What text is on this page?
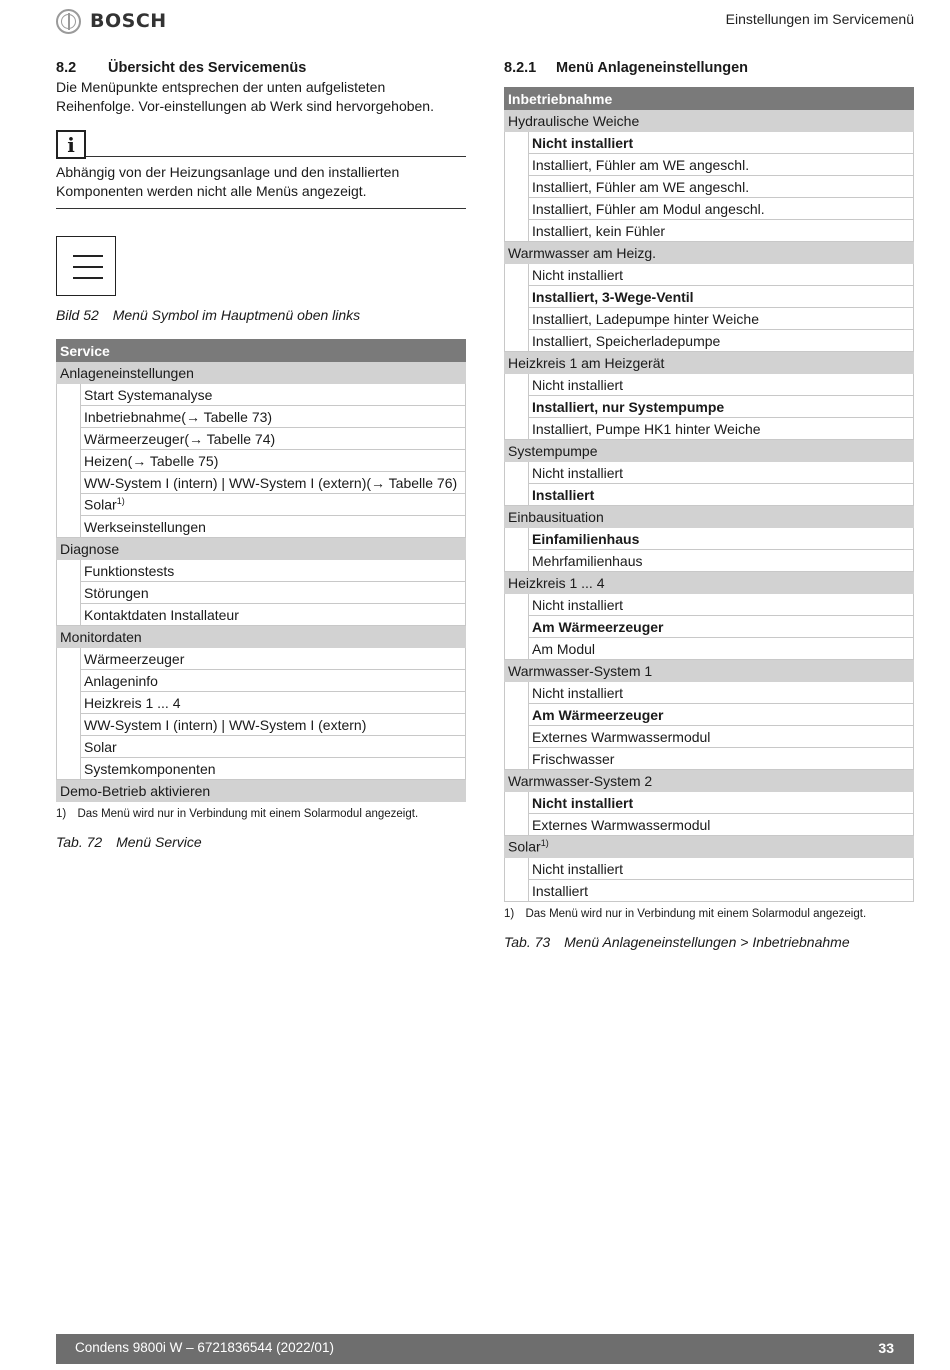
BOSCH	Einstellungen im Servicemenü
8.2	Übersicht des Servicemenüs

Die Menüpunkte entsprechen der unten aufgelisteten Reihenfolge. Vor-einstellungen ab Werk sind hervorgehoben.

i

Abhängig von der Heizungsanlage und den installierten Komponenten werden nicht alle Menüs angezeigt.

Bild 52 Menü Symbol im Hauptmenü oben links
Service	
Anlageneinstellungen	
	Start Systemanalyse
	Inbetriebnahme(→ Tabelle 73)
	Wärmeerzeuger(→ Tabelle 74)
	Heizen(→ Tabelle 75)
	WW-System I (intern) | WW-System I (extern)(→ Tabelle 76)
	Solar$^{1)}$
	Werkseinstellungen
Diagnose	
	Funktionstests
	Störungen
	Kontaktdaten Installateur
Monitordaten	
	Wärmeerzeuger
	Anlageninfo
	Heizkreis 1 ... 4
	WW-System I (intern) | WW-System I (extern)
	Solar
	Systemkomponenten
Demo-Betrieb aktivieren	
1) Das Menü wird nur in Verbindung mit einem Solarmodul angezeigt.
Tab. 72 Menü Service
8.2.1	Menü Anlageneinstellungen
Inbetriebnahme	
Hydraulische Weiche	
	Nicht installiert
	Installiert, Fühler am WE angeschl.
	Installiert, Fühler am WE angeschl.
	Installiert, Fühler am Modul angeschl.
	Installiert, kein Fühler
Warmwasser am Heizg.	
	Nicht installiert
	Installiert, 3-Wege-Ventil
	Installiert, Ladepumpe hinter Weiche
	Installiert, Speicherladepumpe
Heizkreis 1 am Heizgerät	
	Nicht installiert
	Installiert, nur Systempumpe
	Installiert, Pumpe HK1 hinter Weiche
Systempumpe	
	Nicht installiert
	Installiert
Einbausituation	
	Einfamilienhaus
	Mehrfamilienhaus
Heizkreis 1 ... 4	
	Nicht installiert
	Am Wärmeerzeuger
	Am Modul
Warmwasser-System 1	
	Nicht installiert
	Am Wärmeerzeuger
	Externes Warmwassermodul
	Frischwasser
Warmwasser-System 2	
	Nicht installiert
	Externes Warmwassermodul
Solar$^{1)}$
	Nicht installiert
	Installiert
1) Das Menü wird nur in Verbindung mit einem Solarmodul angezeigt.
Tab. 73 Menü Anlageneinstellungen > Inbetriebnahme
Condens 9800i W – 6721836544 (2022/01)	33
